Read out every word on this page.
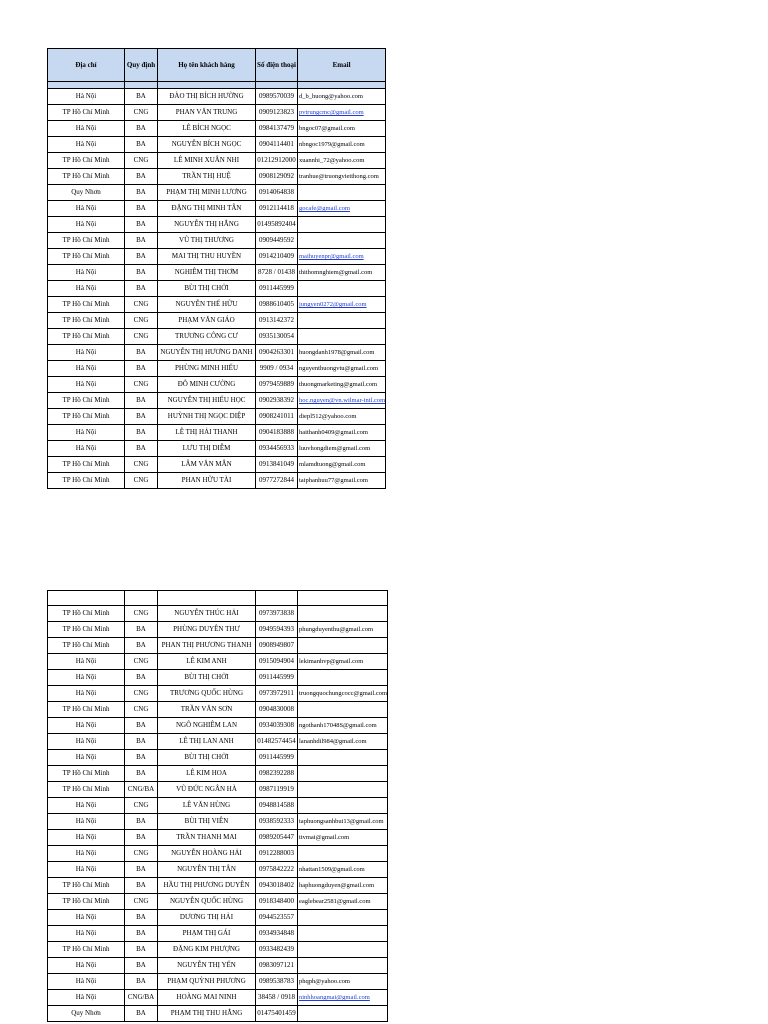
Địa chỉ	Quy định	Họ tên khách hàng	Số điện thoại	Email

Hà Nội	BA	ĐÀO THỊ BÍCH HƯỜNG	0989570039	d_b_huong@yahoo.com
TP Hồ Chí Minh	CNG	PHAN VĂN TRUNG	0909123823	pvtrungcmc@gmail.com
Hà Nội	BA	LÊ BÍCH NGỌC	0984137479	bngoc07@gmail.com
Hà Nội	BA	NGUYỄN BÍCH NGỌC	0904114401	nbngoc1979@gmail.com
TP Hồ Chí Minh	CNG	LÊ MINH XUÂN NHI	01212912000	xuannhi_72@yahoo.com
TP Hồ Chí Minh	BA	TRẦN THỊ HUỆ	0908129092	tranhue@truongvietthong.com
Quy Nhơn	BA	PHẠM THỊ MINH LƯƠNG	0914064838	
Hà Nội	BA	ĐẶNG THỊ MINH TÂN	0912114418	gocafe@gmail.com
Hà Nội	BA	NGUYỄN THỊ HẰNG	01495892404	
TP Hồ Chí Minh	BA	VŨ THỊ THƯƠNG	0909449592	
TP Hồ Chí Minh	BA	MAI THỊ THU HUYỀN	0914210409	maihuyenpr@gmail.com
Hà Nội	BA	NGHIÊM THỊ THƠM	8728 / 01438	thithomnghiem@gmail.com
Hà Nội	BA	BÙI THỊ CHỞI	0911445999	
TP Hồ Chí Minh	CNG	NGUYỄN THẾ HỮU	0988610405	jungyen0272@gmail.com
TP Hồ Chí Minh	CNG	PHẠM VĂN GIÁO	0913142372	
TP Hồ Chí Minh	CNG	TRƯƠNG CÔNG CƯ	0935130054	
Hà Nội	BA	NGUYỄN THỊ HƯƠNG DANH	0904263301	huongdanh1978@gmail.com
Hà Nội	BA	PHÙNG MINH HIẾU	9909 / 0934	nguyenthuongvtu@gmail.com
Hà Nội	CNG	ĐỖ MINH CƯỜNG	0979459889	thuongmarketing@gmail.com
TP Hồ Chí Minh	BA	NGUYỄN THỊ HIẾU HỌC	0902938392	hoc.nguyen@vn.wilmar-intl.com
TP Hồ Chí Minh	BA	HUỲNH THỊ NGỌC DIỆP	0908241011	diepl512@yahoo.com
Hà Nội	BA	LÊ THỊ HẢI THANH	0904183888	haithanh0409@gmail.com
Hà Nội	BA	LƯU THỊ DIỄM	0934456933	luuvhongdiem@gmail.com
TP Hồ Chí Minh	CNG	LÂM VĂN MẪN	0913841049	mlamdtuong@gmail.com
TP Hồ Chí Minh	CNG	PHAN HỮU TÀI	0977272844	taiphanhuu77@gmail.com

TP Hồ Chí Minh	CNG	NGUYỄN THÚC HẢI	0973973838	
TP Hồ Chí Minh	BA	PHÙNG DUYÊN THƯ	0949594393	phungduyenthu@gmail.com
TP Hồ Chí Minh	BA	PHAN THỊ PHƯƠNG THANH	0908949807	
Hà Nội	CNG	LÊ KIM ANH	0915094904	lekimanhvp@gmail.com
Hà Nội	BA	BÙI THỊ CHỞI	0911445999	
Hà Nội	CNG	TRƯƠNG QUỐC HÙNG	0973972911	truongquochungcocc@gmail.com
TP Hồ Chí Minh	CNG	TRẦN VĂN SƠN	0904830008	
Hà Nội	BA	NGÔ NGHIÊM LAN	0934039308	ngothanh17048S@gmail.com
Hà Nội	BA	LÊ THỊ LAN ANH	01482574454	lananhdil984@gmail.com
Hà Nội	BA	BÙI THỊ CHỞI	0911445999	
TP Hồ Chí Minh	BA	LÊ KIM HOA	0982392288	
TP Hồ Chí Minh	CNG/BA	VŨ ĐỨC NGÂN HÀ	0987119919	
Hà Nội	CNG	LÊ VĂN HÙNG	0948814588	
Hà Nội	BA	BÙI THỊ VIÊN	0938592333	taphuongsanhbui13@gmail.com
Hà Nội	BA	TRẦN THANH MAI	0989205447	ttvmai@gmail.com
Hà Nội	CNG	NGUYỄN HOÀNG HẢI	0912288003	
Hà Nội	BA	NGUYỄN THỊ TÂN	0975842222	nhattan1509@gmail.com
TP Hồ Chí Minh	BA	HẦU THỊ PHƯƠNG DUYÊN	0943018402	haphuongduyen@gmail.com
TP Hồ Chí Minh	CNG	NGUYỄN QUỐC HÙNG	0918348400	eaglebear2581@gmail.com
Hà Nội	BA	DƯƠNG THỊ HẢI	0944523557	
Hà Nội	BA	PHẠM THỊ GÁI	0934934848	
TP Hồ Chí Minh	BA	ĐẶNG KIM PHƯỢNG	0933482439	
Hà Nội	BA	NGUYỄN THỊ YẾN	0983097121	
Hà Nội	BA	PHẠM QUỲNH PHƯƠNG	0989538783	phqph@yahoo.com
Hà Nội	CNG/BA	HOÀNG MAI NINH	38458 / 0918	ninhhoangmai@gmail.com
Quy Nhơn	BA	PHẠM THỊ THU HẰNG	01475401459	
